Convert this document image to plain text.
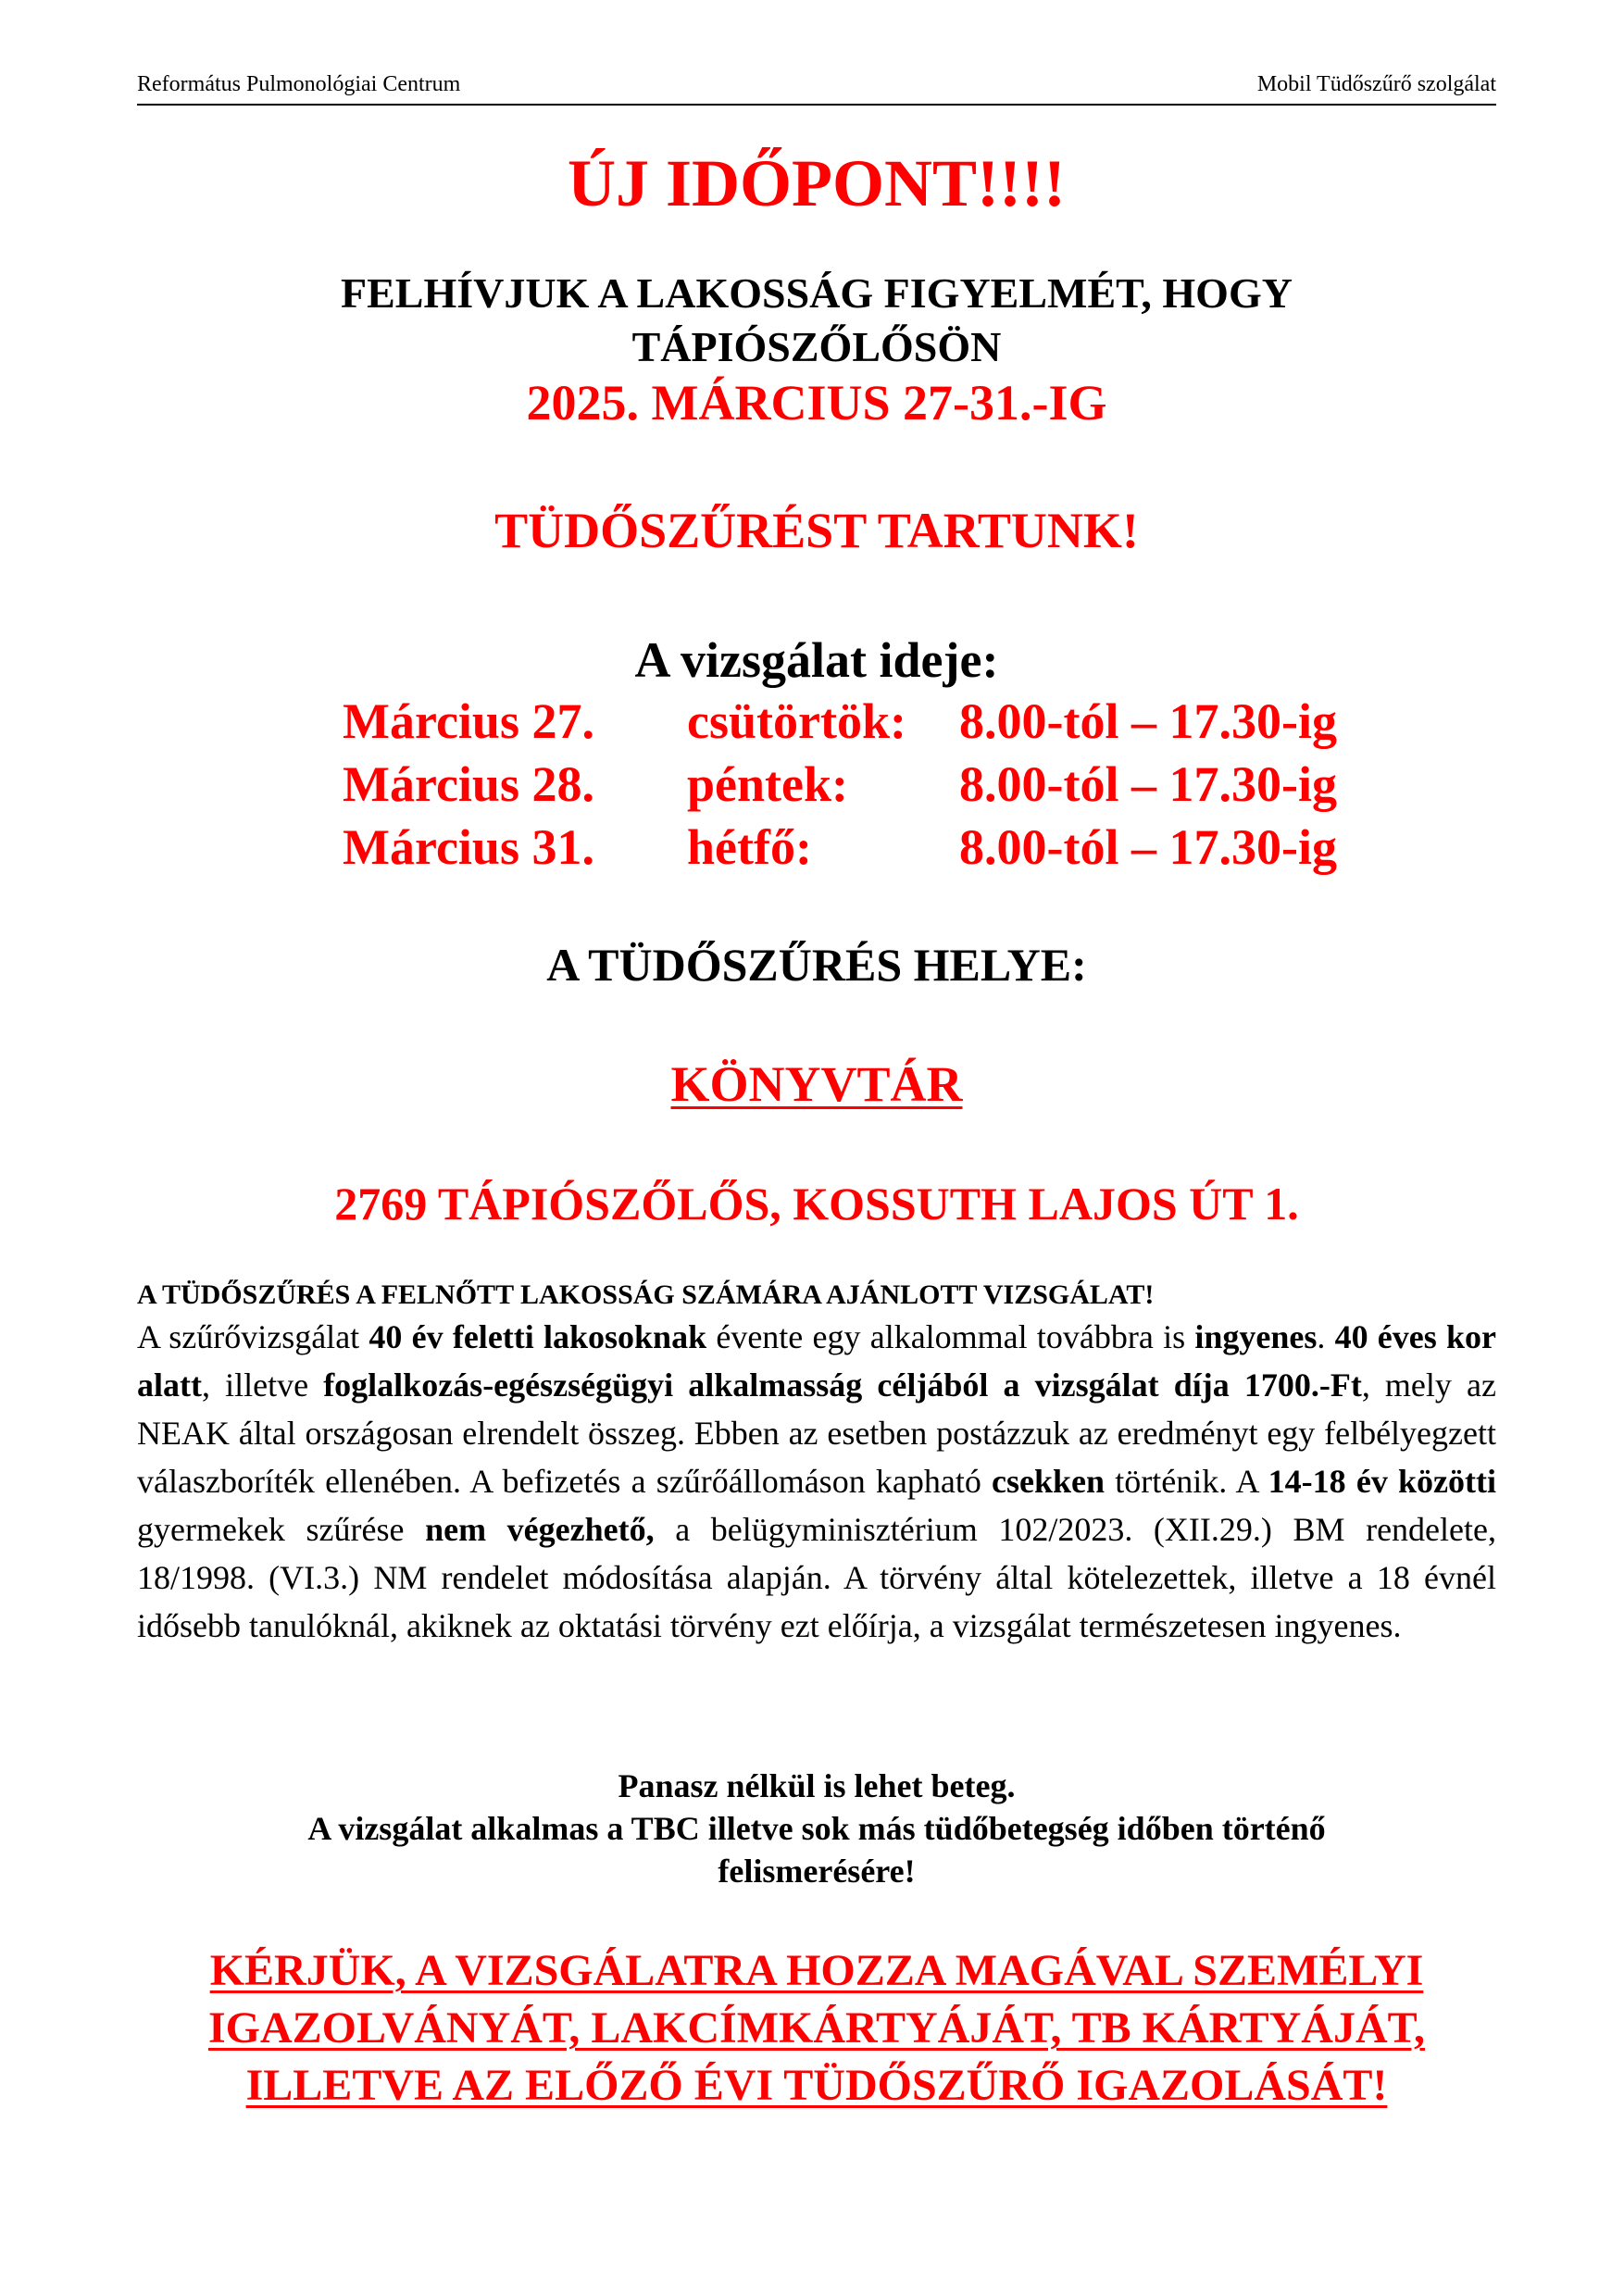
Református Pulmonológiai Centrum	Mobil Tüdőszűrő szolgálat
ÚJ IDŐPONT!!!!
FELHÍVJUK A LAKOSSÁG FIGYELMÉT, HOGY
TÁPIÓSZŐLŐSÖN
2025. MÁRCIUS 27-31.-IG
TÜDŐSZŰRÉST TARTUNK!
A vizsgálat ideje:
Március 27. csütörtök: 8.00-tól – 17.30-ig
Március 28. péntek: 8.00-tól – 17.30-ig
Március 31. hétfő:	8.00-tól – 17.30-ig
A TÜDŐSZŰRÉS HELYE:
KÖNYVTÁR
2769 TÁPIÓSZŐLŐS, KOSSUTH LAJOS ÚT 1.
A TÜDŐSZŰRÉS A FELNŐTT LAKOSSÁG SZÁMÁRA AJÁNLOTT VIZSGÁLAT!
A szűrővizsgálat 40 év feletti lakosoknak évente egy alkalommal továbbra is ingyenes. 40 éves kor alatt, illetve foglalkozás-egészségügyi alkalmasság céljából a vizsgálat díja 1700.-Ft, mely az NEAK által országosan elrendelt összeg. Ebben az esetben postázzuk az eredményt egy felbélyegzett válaszboríték ellenében. A befizetés a szűrőállomáson kapható csekken történik. A 14-18 év közötti gyermekek szűrése nem végezhető, a belügyminisztérium 102/2023. (XII.29.) BM rendelete, 18/1998. (VI.3.) NM rendelet módosítása alapján. A törvény által kötelezettek, illetve a 18 évnél idősebb tanulóknál, akiknek az oktatási törvény ezt előírja, a vizsgálat természetesen ingyenes.
Panasz nélkül is lehet beteg.
A vizsgálat alkalmas a TBC illetve sok más tüdőbetegség időben történő
felismerésére!
KÉRJÜK, A VIZSGÁLATRA HOZZA MAGÁVAL SZEMÉLYI IGAZOLVÁNYÁT, LAKCÍMKÁRTYÁJÁT, TB KÁRTYÁJÁT, ILLETVE AZ ELŐZŐ ÉVI TÜDŐSZŰRŐ IGAZOLÁSÁT!
